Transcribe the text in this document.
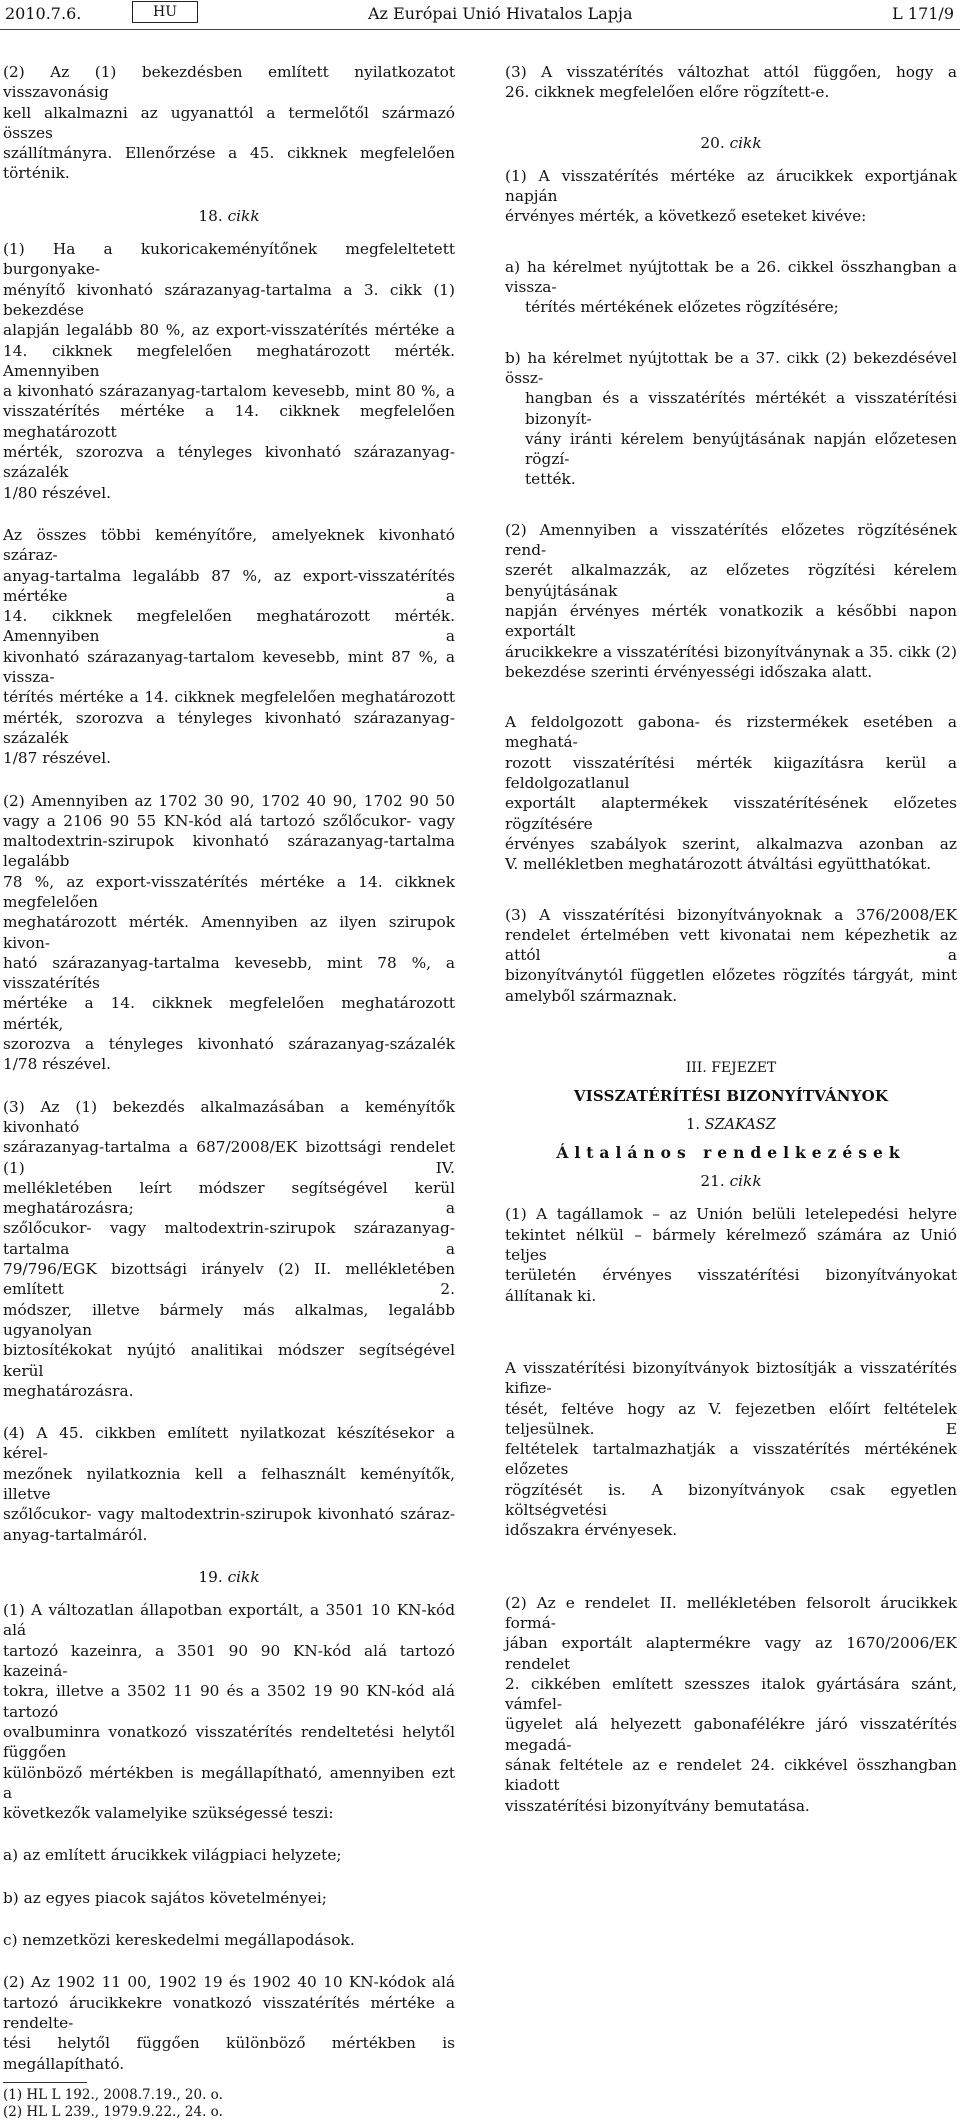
2010.7.6.	HU	Az Európai Unió Hivatalos Lapja	L 171/9

(2) Az (1) bekezdésben említett nyilatkozatot visszavonásig

kell alkalmazni az ugyanattól a termelőtől származó összes

szállítmányra. Ellenőrzése a 45. cikknek megfelelően történik.

18. cikk

(1) Ha a kukoricakeményítőnek megfeleltetett burgonyake-

ményítő kivonható szárazanyag-tartalma a 3. cikk (1) bekezdése

alapján legalább 80 %, az export-visszatérítés mértéke a

14. cikknek megfelelően meghatározott mérték. Amennyiben

a kivonható szárazanyag-tartalom kevesebb, mint 80 %, a

visszatérítés mértéke a 14. cikknek megfelelően meghatározott

mérték, szorozva a tényleges kivonható szárazanyag-százalék

1/80 részével.

Az összes többi keményítőre, amelyeknek kivonható száraz-

anyag-tartalma legalább 87 %, az export-visszatérítés mértéke a

14. cikknek megfelelően meghatározott mérték. Amennyiben a

kivonható szárazanyag-tartalom kevesebb, mint 87 %, a vissza-

térítés mértéke a 14. cikknek megfelelően meghatározott

mérték, szorozva a tényleges kivonható szárazanyag-százalék

1/87 részével.

(2) Amennyiben az 1702 30 90, 1702 40 90, 1702 90 50

vagy a 2106 90 55 KN-kód alá tartozó szőlőcukor- vagy

maltodextrin-szirupok kivonható szárazanyag-tartalma legalább

78 %, az export-visszatérítés mértéke a 14. cikknek megfelelően

meghatározott mérték. Amennyiben az ilyen szirupok kivon-

ható szárazanyag-tartalma kevesebb, mint 78 %, a visszatérítés

mértéke a 14. cikknek megfelelően meghatározott mérték,

szorozva a tényleges kivonható szárazanyag-százalék

1/78 részével.

(3) Az (1) bekezdés alkalmazásában a keményítők kivonható

szárazanyag-tartalma a 687/2008/EK bizottsági rendelet (1) IV.

mellékletében leírt módszer segítségével kerül meghatározásra; a

szőlőcukor- vagy maltodextrin-szirupok szárazanyag-tartalma a

79/796/EGK bizottsági irányelv (2) II. mellékletében említett 2.

módszer, illetve bármely más alkalmas, legalább ugyanolyan

biztosítékokat nyújtó analitikai módszer segítségével kerül

meghatározásra.

(4) A 45. cikkben említett nyilatkozat készítésekor a kérel-

mezőnek nyilatkoznia kell a felhasznált keményítők, illetve

szőlőcukor- vagy maltodextrin-szirupok kivonható száraz-

anyag-tartalmáról.

19. cikk

(1) A változatlan állapotban exportált, a 3501 10 KN-kód alá

tartozó kazeinra, a 3501 90 90 KN-kód alá tartozó kazeiná-

tokra, illetve a 3502 11 90 és a 3502 19 90 KN-kód alá tartozó

ovalbuminra vonatkozó visszatérítés rendeltetési helytől függően

különböző mértékben is megállapítható, amennyiben ezt a

következők valamelyike szükségessé teszi:

a) az említett árucikkek világpiaci helyzete;

b) az egyes piacok sajátos követelményei;

c) nemzetközi kereskedelmi megállapodások.

(2) Az 1902 11 00, 1902 19 és 1902 40 10 KN-kódok alá

tartozó árucikkekre vonatkozó visszatérítés mértéke a rendelte-

tési helytől függően különböző mértékben is megállapítható.

(1) HL L 192., 2008.7.19., 20. o.

(2) HL L 239., 1979.9.22., 24. o.

(3) A visszatérítés változhat attól függően, hogy a

26. cikknek megfelelően előre rögzített-e.

20. cikk

(1) A visszatérítés mértéke az árucikkek exportjának napján

érvényes mérték, a következő eseteket kivéve:

a) ha kérelmet nyújtottak be a 26. cikkel összhangban a vissza-

térítés mértékének előzetes rögzítésére;

b) ha kérelmet nyújtottak be a 37. cikk (2) bekezdésével össz-

hangban és a visszatérítés mértékét a visszatérítési bizonyít-

vány iránti kérelem benyújtásának napján előzetesen rögzí-

tették.

(2) Amennyiben a visszatérítés előzetes rögzítésének rend-

szerét alkalmazzák, az előzetes rögzítési kérelem benyújtásának

napján érvényes mérték vonatkozik a későbbi napon exportált

árucikkekre a visszatérítési bizonyítványnak a 35. cikk (2)

bekezdése szerinti érvényességi időszaka alatt.

A feldolgozott gabona- és rizstermékek esetében a meghatá-

rozott visszatérítési mérték kiigazításra kerül a feldolgozatlanul

exportált alaptermékek visszatérítésének előzetes rögzítésére

érvényes szabályok szerint, alkalmazva azonban az

V. mellékletben meghatározott átváltási együtthatókat.

(3) A visszatérítési bizonyítványoknak a 376/2008/EK

rendelet értelmében vett kivonatai nem képezhetik az attól a

bizonyítványtól független előzetes rögzítés tárgyát, mint

amelyből származnak.

III. FEJEZET

VISSZATÉRÍTÉSI BIZONYÍTVÁNYOK

1. SZAKASZ

Általános rendelkezések

21. cikk

(1) A tagállamok – az Unión belüli letelepedési helyre

tekintet nélkül – bármely kérelmező számára az Unió teljes

területén érvényes visszatérítési bizonyítványokat állítanak ki.

A visszatérítési bizonyítványok biztosítják a visszatérítés kifize-

tését, feltéve hogy az V. fejezetben előírt feltételek teljesülnek. E

feltételek tartalmazhatják a visszatérítés mértékének előzetes

rögzítését is. A bizonyítványok csak egyetlen költségvetési

időszakra érvényesek.

(2) Az e rendelet II. mellékletében felsorolt árucikkek formá-

jában exportált alaptermékre vagy az 1670/2006/EK rendelet

2. cikkében említett szesszes italok gyártására szánt, vámfel-

ügyelet alá helyezett gabonafélékre járó visszatérítés megadá-

sának feltétele az e rendelet 24. cikkével összhangban kiadott

visszatérítési bizonyítvány bemutatása.
